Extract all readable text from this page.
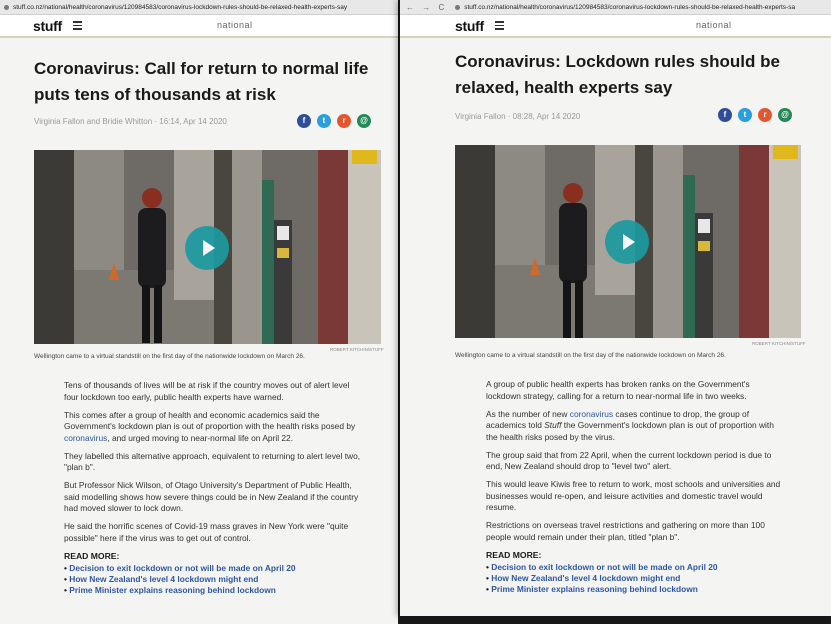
stuff.co.nz/national/health/coronavirus/120984583/coronavirus-lockdown-rules-should-be-relaxed-health-experts-say
stuff	national
Coronavirus: Call for return to normal life puts tens of thousands at risk
Virginia Fallon and Bridie Whitton · 16:14, Apr 14 2020	f	t	r	@
ROBERT KITCHIN/STUFF
Wellington came to a virtual standstill on the first day of the nationwide lockdown on March 26.

Tens of thousands of lives will be at risk if the country moves out of alert level four lockdown too early, public health experts have warned.

This comes after a group of health and economic academics said the Government's lockdown plan is out of proportion with the health risks posed by coronavirus, and urged moving to near-normal life on April 22.

They labelled this alternative approach, equivalent to returning to alert level two, "plan b".

But Professor Nick Wilson, of Otago University's Department of Public Health, said modelling shows how severe things could be in New Zealand if the country had moved slower to lock down.

He said the horrific scenes of Covid-19 mass graves in New York were "quite possible" here if the virus was to get out of control.

READ MORE:
• Decision to exit lockdown or not will be made on April 20
• How New Zealand's level 4 lockdown might end
• Prime Minister explains reasoning behind lockdown
← → C	stuff.co.nz/national/health/coronavirus/120984583/coronavirus-lockdown-rules-should-be-relaxed-health-experts-sa
stuff	national
Coronavirus: Lockdown rules should be relaxed, health experts say
Virginia Fallon · 08:28, Apr 14 2020	f	t	r	@
ROBERT KITCHIN/STUFF
Wellington came to a virtual standstill on the first day of the nationwide lockdown on March 26.

A group of public health experts has broken ranks on the Government's lockdown strategy, calling for a return to near-normal life in two weeks.

As the number of new coronavirus cases continue to drop, the group of academics told Stuff the Government's lockdown plan is out of proportion with the health risks posed by the virus.

The group said that from 22 April, when the current lockdown period is due to end, New Zealand should drop to "level two" alert.

This would leave Kiwis free to return to work, most schools and universities and businesses would re-open, and leisure activities and domestic travel would resume.

Restrictions on overseas travel restrictions and gathering on more than 100 people would remain under their plan, titled "plan b".

READ MORE:
• Decision to exit lockdown or not will be made on April 20
• How New Zealand's level 4 lockdown might end
• Prime Minister explains reasoning behind lockdown
